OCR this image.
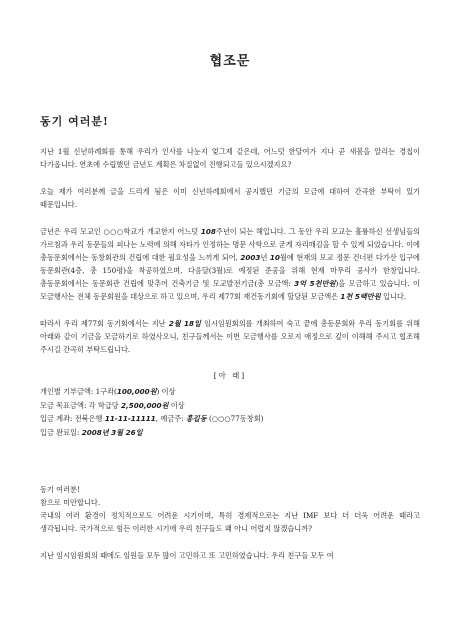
협조문
동기 여러분!

지난 1월 신년하례회를 통해 우리가 인사를 나눈지 엊그제 같은데, 어느덧 한달여가 지나 곧 새봄을 알리는 경칩이 다가옵니다. 연초에 수립했던 금년도 계획은 차질없이 진행되고들 있으시겠지요?

오늘 제가 여러분께 글을 드리게 됨은 이미 신년하례회에서 공지했던 기금의 모금에 대하여 간곡한 부탁이 있기 때문입니다.

금년은 우리 모교인 ○○○학교가 개교한지 어느덧 108주년이 되는 해입니다. 그 동안 우리 모교는 훌륭하신 선생님들의 가르침과 우리 동문들의 피나는 노력에 의해 자타가 인정하는 명문 사학으로 굳게 자리매김을 할 수 있게 되었습니다. 이에 총동문회에서는 동창회관의 건립에 대한 필요성을 느끼게 되어, 2003년 10월에 현재의 모교 정문 건너편 다가산 입구에 동문회관(4층, 총 150평)을 착공하였으며, 다음달(3월)로 예정된 준공을 위해 현재 마무리 공사가 한창입니다. 총동문회에서는 동문회관 건립에 맞추어 건축기금 및 모교발전기금(총 모금액: 3억 5천만원)을 모금하고 있습니다. 이 모금행사는 전체 동문회원을 대상으로 하고 있으며, 우리 제77회 재건동기회에 할당된 모금액은 1천 5백만원 입니다.

따라서 우리 제77회 동기회에서는 지난 2월 18일 임시임원회의를 개최하여 숙고 끝에 총동문회와 우리 동기회를 위해 아래와 같이 기금을 모금하기로 하였사오니, 친구들께서는 이번 모금행사를 오로지 애정으로 깊이 이해해 주시고 협조해 주시길 간곡히 부탁드립니다.

[아 래]
개인별 기부금액: 1구좌(100,000원) 이상
모금 목표금액: 각 학급당 2,500,000원 이상
입금 계좌: 전북은행 11-11-11111, 예금주: 홍길동 (○○○77동창회)
입금 완료일: 2008년 3월 26일
동기 여러분!
참으로 미안합니다.

국내의 여러 환경이 정치적으로도 어려운 시기이며, 특히 경제적으로는 지난 IMF 보다 더 더욱 어려운 때라고 생각됩니다. 국가적으로 힘든 이러한 시기에 우리 친구들도 왜 아니 어렵지 않겠습니까?

지난 임시임원회의 때에도 임원들 모두 많이 고민하고 또 고민하였습니다. 우리 친구들 모두 여
